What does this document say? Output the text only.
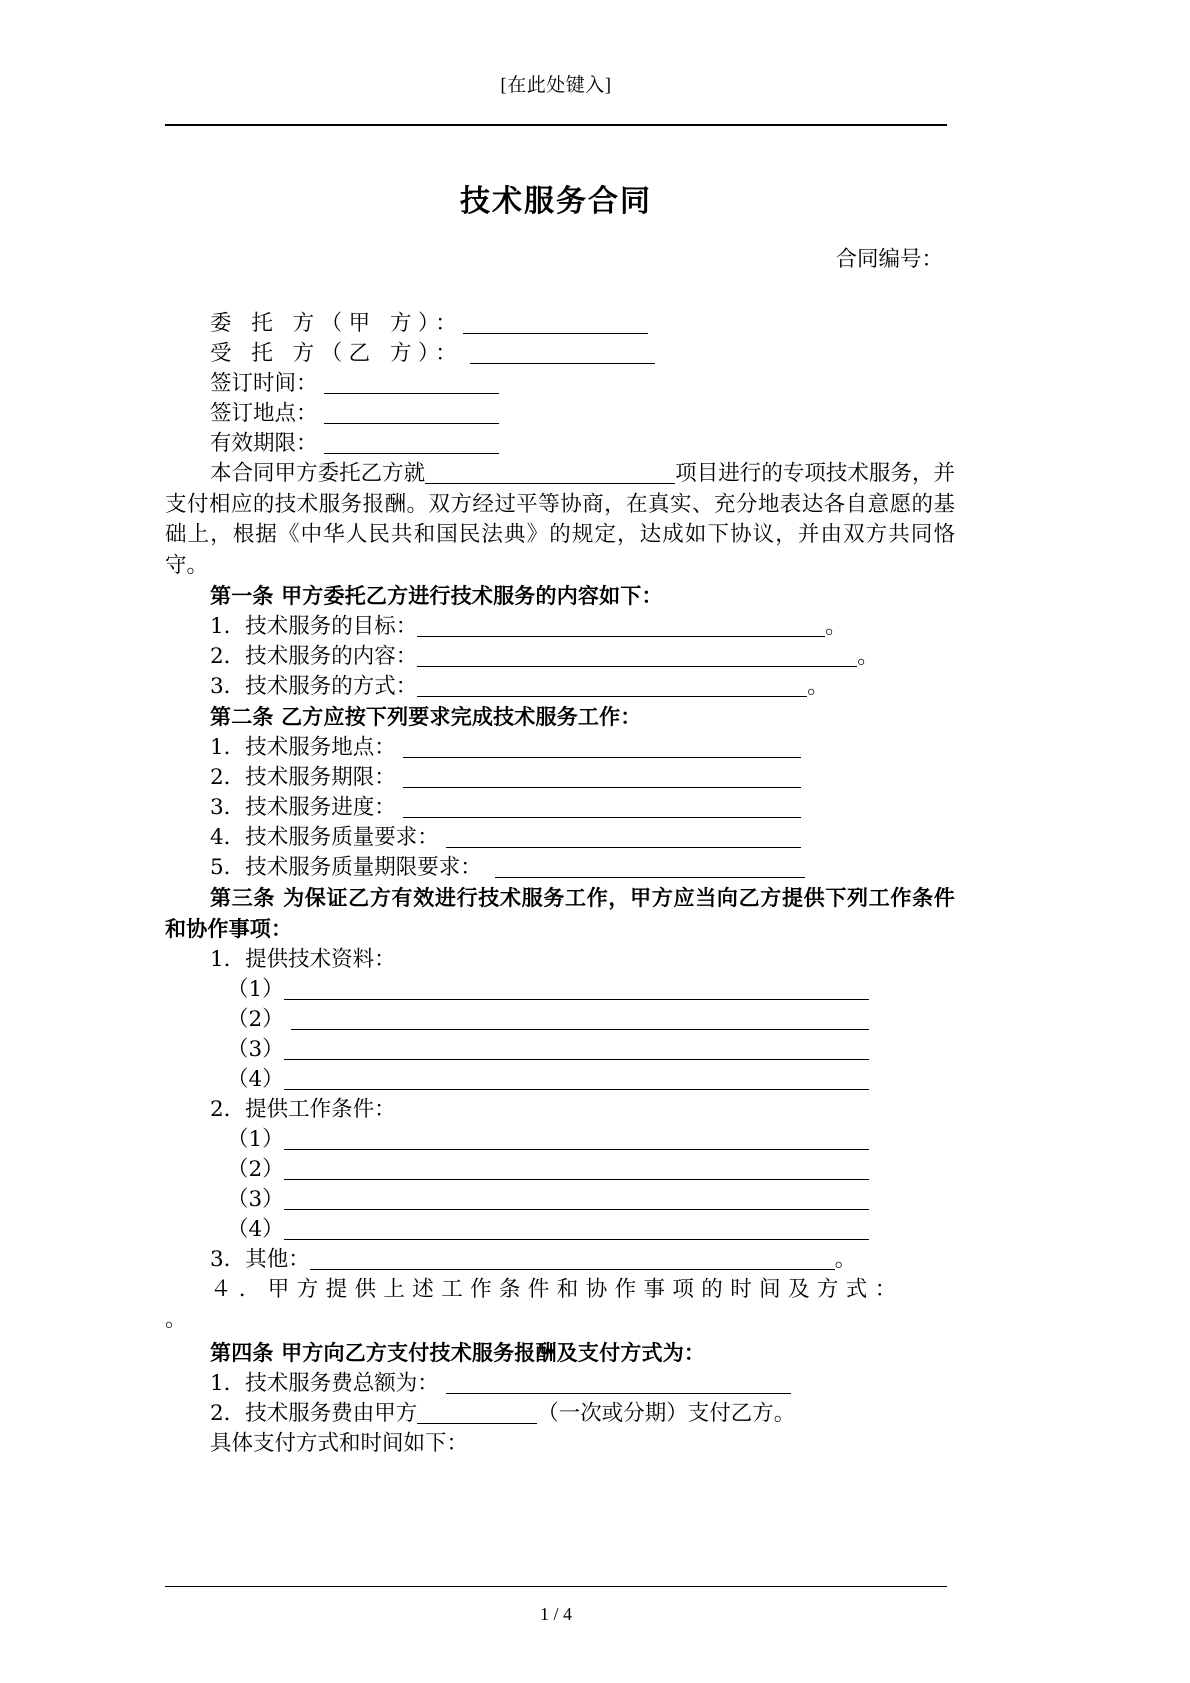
[在此处键入]
技术服务合同
合同编号：
委 托 方（甲 方）：
受 托 方（乙 方）：
签订时间：
签订地点：
有效期限：
本合同甲方委托乙方就	项目进行的专项技术服务，并支付相应的技术服务报酬。双方经过平等协商，在真实、充分地表达各自意愿的基础上，根据《中华人民共和国民法典》的规定，达成如下协议，并由双方共同恪守。
第一条 甲方委托乙方进行技术服务的内容如下：
1．技术服务的目标：	。
2．技术服务的内容：	。
3．技术服务的方式：	。
第二条 乙方应按下列要求完成技术服务工作：
1．技术服务地点：
2．技术服务期限：
3．技术服务进度：
4．技术服务质量要求：
5．技术服务质量期限要求：
第三条 为保证乙方有效进行技术服务工作，甲方应当向乙方提供下列工作条件和协作事项：
1．提供技术资料：
（1）
（2）
（3）
（4）
2．提供工作条件：
（1）
（2）
（3）
（4）
3．其他：	。
４．甲方提供上述工作条件和协作事项的时间及方式：
。
第四条 甲方向乙方支付技术服务报酬及支付方式为：
1．技术服务费总额为：
2．技术服务费由甲方	（一次或分期）支付乙方。
具体支付方式和时间如下：
1 / 4
